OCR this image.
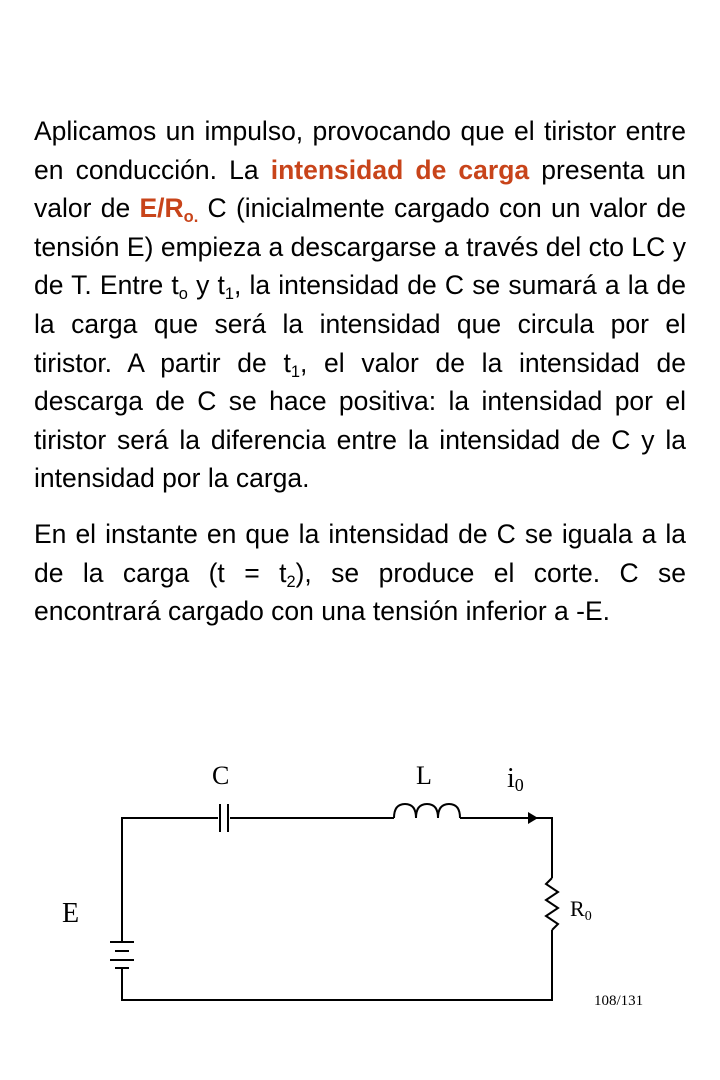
Aplicamos un impulso, provocando que el tiristor entre en conducción. La intensidad de carga presenta un valor de $E/R_{o.}$ C (inicialmente cargado con un valor de tensión E) empieza a descargarse a través del cto LC y de T. Entre $t_o$ y $t_1$, la intensidad de C se sumará a la de la carga que será la intensidad que circula por el tiristor. A partir de $t_1$, el valor de la intensidad de descarga de C se hace positiva: la intensidad por el tiristor será la diferencia entre la intensidad de C y la intensidad por la carga.

En el instante en que la intensidad de C se iguala a la de la carga $(t = t_2)$, se produce el corte. C se encontrará cargado con una tensión inferior a -E.

C	L	i0
E	R0
108/131
